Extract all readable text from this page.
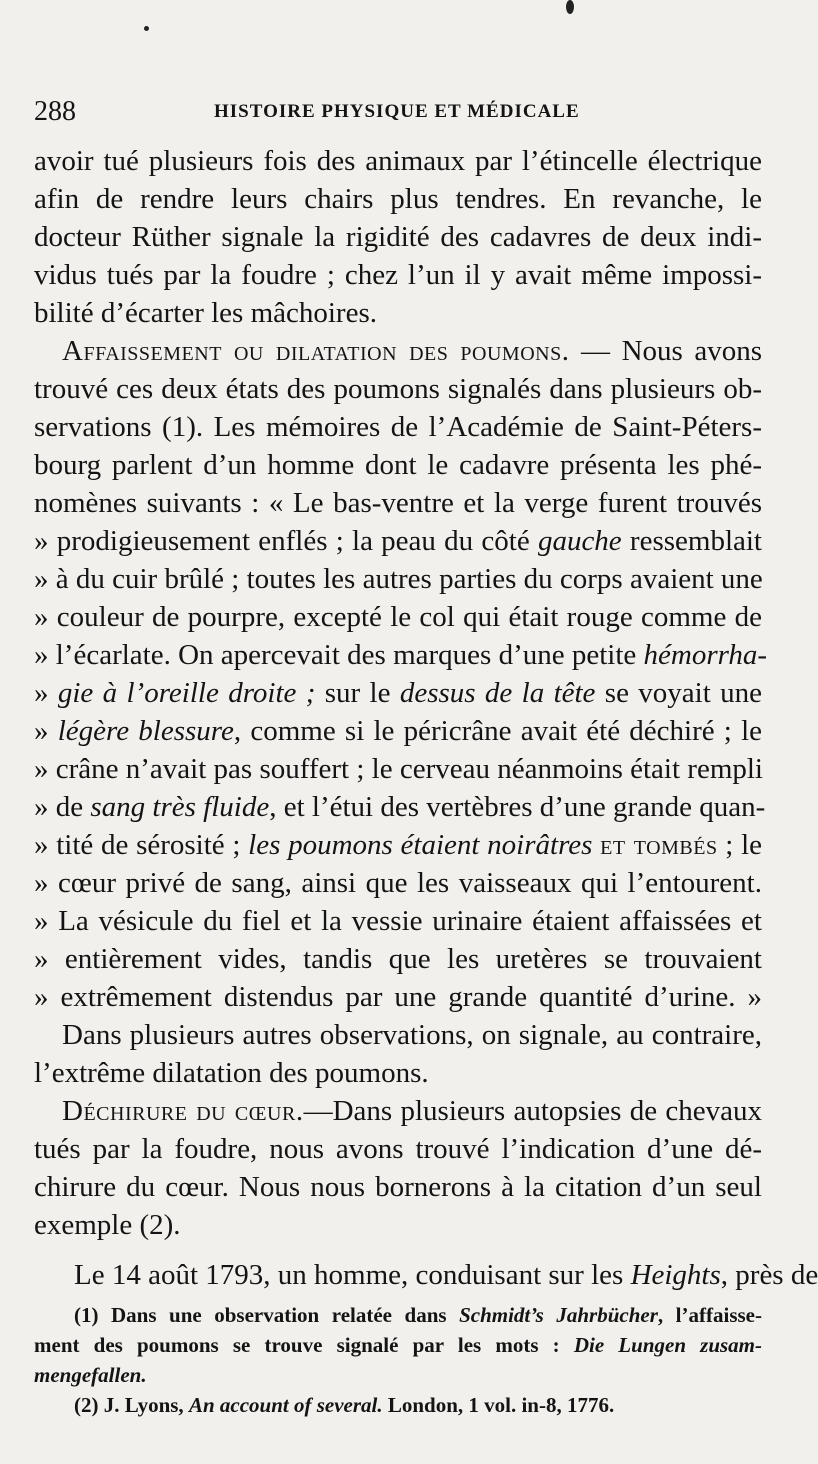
288	HISTOIRE PHYSIQUE ET MÉDICALE
avoir tué plusieurs fois des animaux par l’étincelle électrique
afin de rendre leurs chairs plus tendres. En revanche, le
docteur Rüther signale la rigidité des cadavres de deux indi-
vidus tués par la foudre ; chez l’un il y avait même impossi-
bilité d’écarter les mâchoires.
Affaissement ou dilatation des poumons. — Nous avons
trouvé ces deux états des poumons signalés dans plusieurs ob-
servations (1). Les mémoires de l’Académie de Saint-Péters-
bourg parlent d’un homme dont le cadavre présenta les phé-
nomènes suivants : « Le bas-ventre et la verge furent trouvés
» prodigieusement enflés ; la peau du côté gauche ressemblait
» à du cuir brûlé ; toutes les autres parties du corps avaient une
» couleur de pourpre, excepté le col qui était rouge comme de
» l’écarlate. On apercevait des marques d’une petite hémorrha-
» gie à l’oreille droite ; sur le dessus de la tête se voyait une
» légère blessure, comme si le péricrâne avait été déchiré ; le
» crâne n’avait pas souffert ; le cerveau néanmoins était rempli
» de sang très fluide, et l’étui des vertèbres d’une grande quan-
» tité de sérosité ; les poumons étaient noirâtres et tombés ; le
» cœur privé de sang, ainsi que les vaisseaux qui l’entourent.
» La vésicule du fiel et la vessie urinaire étaient affaissées et
» entièrement vides, tandis que les uretères se trouvaient
» extrêmement distendus par une grande quantité d’urine. »
Dans plusieurs autres observations, on signale, au contraire,
l’extrême dilatation des poumons.
Déchirure du cœur.—Dans plusieurs autopsies de chevaux
tués par la foudre, nous avons trouvé l’indication d’une dé-
chirure du cœur. Nous nous bornerons à la citation d’un seul
exemple (2).
Le 14 août 1793, un homme, conduisant sur les Heights, près de
(1) Dans une observation relatée dans Schmidt’s Jahrbücher, l’affaisse-
ment des poumons se trouve signalé par les mots : Die Lungen zusam-
mengefallen.
(2) J. Lyons, An account of several. London, 1 vol. in-8, 1776.
